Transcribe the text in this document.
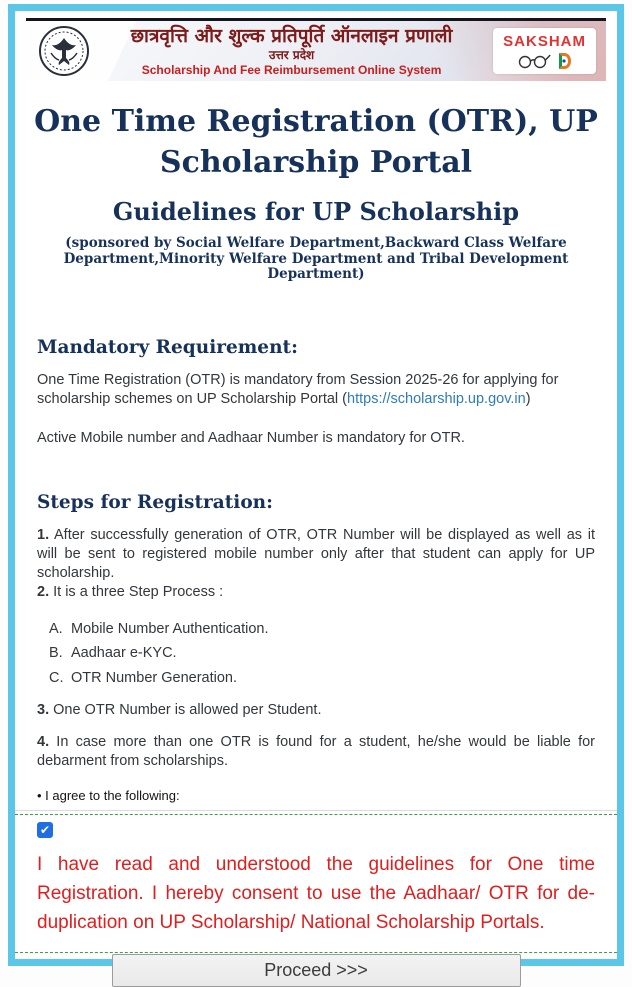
छात्रवृत्ति और शुल्क प्रतिपूर्ति ऑनलाइन प्रणाली
उत्तर प्रदेश
Scholarship And Fee Reimbursement Online System
SAKSHAM
One Time Registration (OTR), UP Scholarship Portal
Guidelines for UP Scholarship
(sponsored by Social Welfare Department,Backward Class Welfare Department,Minority Welfare Department and Tribal Development Department)
Mandatory Requirement:
One Time Registration (OTR) is mandatory from Session 2025-26 for applying for scholarship schemes on UP Scholarship Portal (https://scholarship.up.gov.in)
Active Mobile number and Aadhaar Number is mandatory for OTR.
Steps for Registration:
1. After successfully generation of OTR, OTR Number will be displayed as well as it will be sent to registered mobile number only after that student can apply for UP scholarship.
2. It is a three Step Process :
A. Mobile Number Authentication.
B. Aadhaar e-KYC.
C. OTR Number Generation.
3. One OTR Number is allowed per Student.
4. In case more than one OTR is found for a student, he/she would be liable for debarment from scholarships.
• I agree to the following:
✔
I have read and understood the guidelines for One time Registration. I hereby consent to use the Aadhaar/ OTR for de-duplication on UP Scholarship/ National Scholarship Portals.
Proceed >>>
